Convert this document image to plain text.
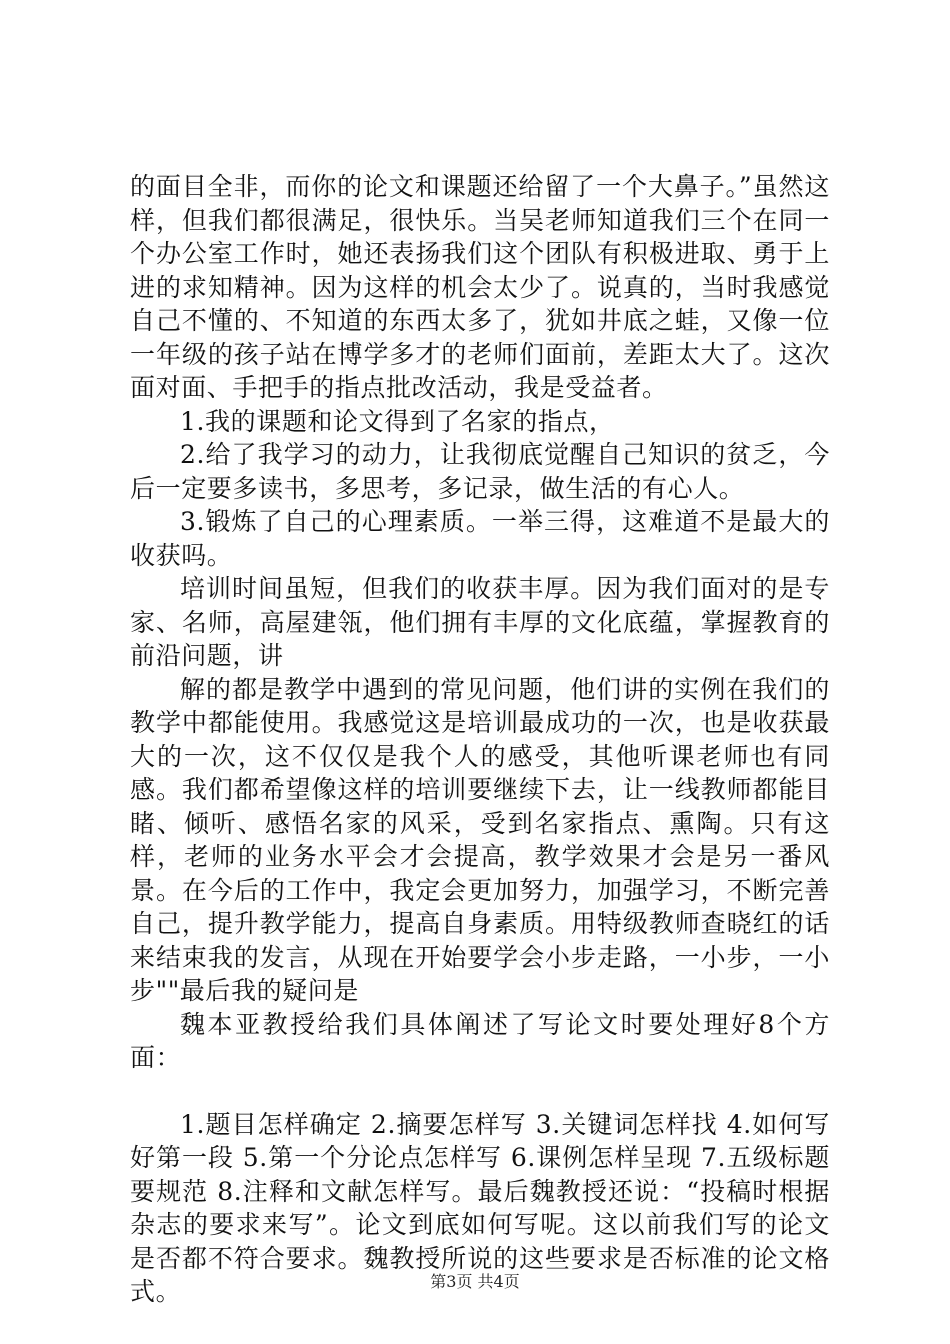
的面目全非，而你的论文和课题还给留了一个大鼻子。”虽然这样，但我们都很满足，很快乐。当吴老师知道我们三个在同一个办公室工作时，她还表扬我们这个团队有积极进取、勇于上进的求知精神。因为这样的机会太少了。说真的，当时我感觉自己不懂的、不知道的东西太多了，犹如井底之蛙，又像一位一年级的孩子站在博学多才的老师们面前，差距太大了。这次面对面、手把手的指点批改活动，我是受益者。

1.我的课题和论文得到了名家的指点，

2.给了我学习的动力，让我彻底觉醒自己知识的贫乏，今后一定要多读书，多思考，多记录，做生活的有心人。

3.锻炼了自己的心理素质。一举三得，这难道不是最大的收获吗。

培训时间虽短，但我们的收获丰厚。因为我们面对的是专家、名师，高屋建瓴，他们拥有丰厚的文化底蕴，掌握教育的前沿问题，讲

解的都是教学中遇到的常见问题，他们讲的实例在我们的教学中都能使用。我感觉这是培训最成功的一次，也是收获最大的一次，这不仅仅是我个人的感受，其他听课老师也有同感。我们都希望像这样的培训要继续下去，让一线教师都能目睹、倾听、感悟名家的风采，受到名家指点、熏陶。只有这样，老师的业务水平会才会提高，教学效果才会是另一番风景。在今后的工作中，我定会更加努力，加强学习，不断完善自己，提升教学能力，提高自身素质。用特级教师查晓红的话来结束我的发言，从现在开始要学会小步走路，一小步，一小步""最后我的疑问是

魏本亚教授给我们具体阐述了写论文时要处理好8个方面：

1.题目怎样确定 2.摘要怎样写 3.关键词怎样找 4.如何写好第一段 5.第一个分论点怎样写 6.课例怎样呈现 7.五级标题要规范 8.注释和文献怎样写。最后魏教授还说：“投稿时根据杂志的要求来写”。论文到底如何写呢。这以前我们写的论文是否都不符合要求。魏教授所说的这些要求是否标准的论文格式。	第3页 共4页
